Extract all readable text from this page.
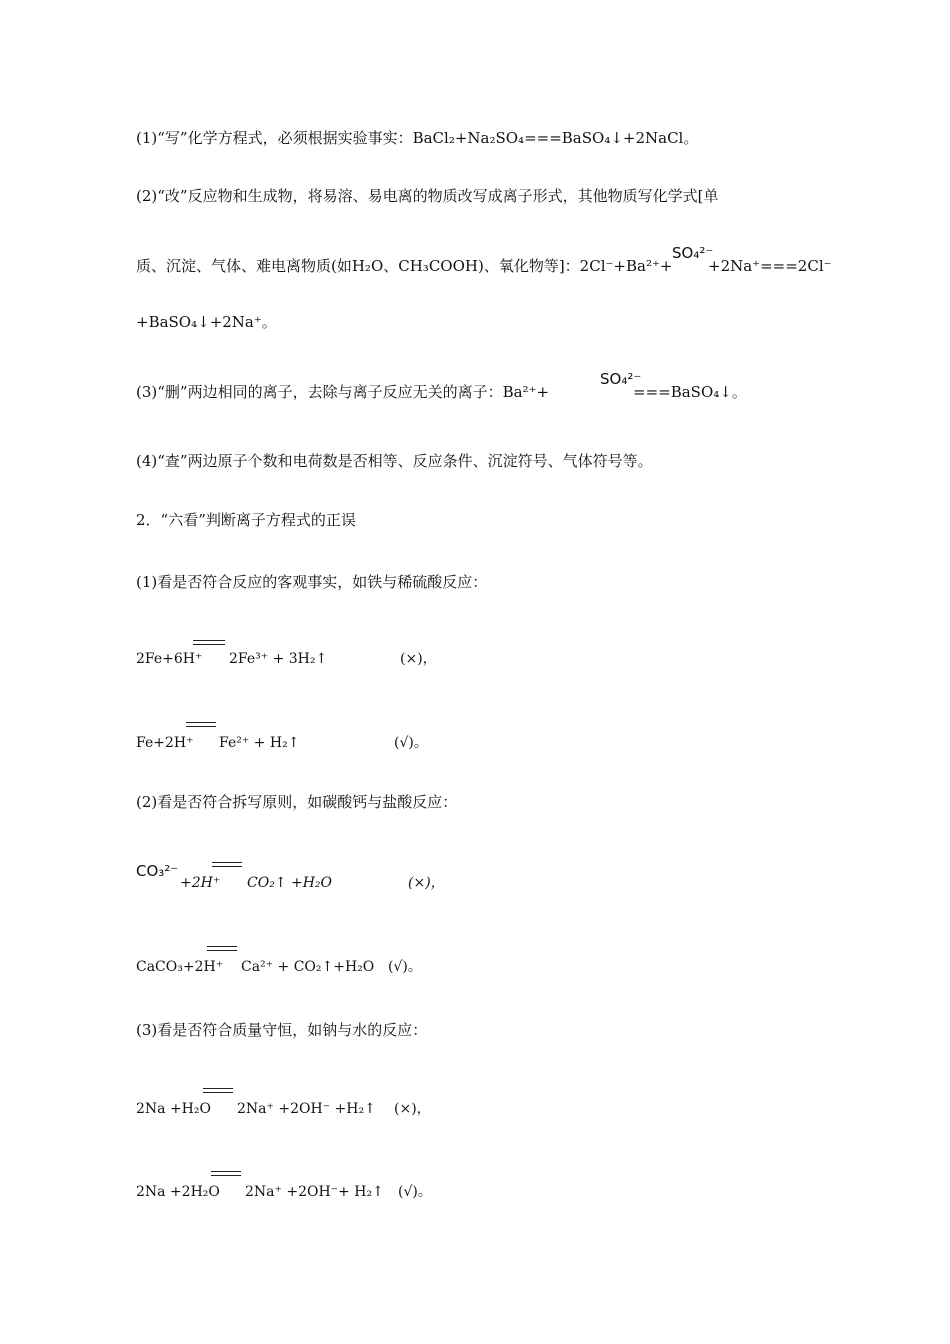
(1)“写”化学方程式，必须根据实验事实：BaCl₂+Na₂SO₄===BaSO₄↓+2NaCl。
(2)“改”反应物和生成物，将易溶、易电离的物质改写成离子形式，其他物质写化学式[单
质、沉淀、气体、难电离物质(如H₂O、CH₃COOH)、氧化物等]：2Cl⁻+Ba²⁺+
SO₄²⁻
+2Na⁺===2Cl⁻
+BaSO₄↓+2Na⁺。
(3)“删”两边相同的离子，去除与离子反应无关的离子：Ba²⁺+
SO₄²⁻
===BaSO₄↓。
(4)“查”两边原子个数和电荷数是否相等、反应条件、沉淀符号、气体符号等。
2．“六看”判断离子方程式的正误
(1)看是否符合反应的客观事实，如铁与稀硫酸反应：
2Fe+6H⁺ 2Fe³⁺ + 3H₂↑	(×)，
Fe+2H⁺ Fe²⁺ + H₂↑	(√)。
(2)看是否符合拆写原则，如碳酸钙与盐酸反应：
CO₃²⁻
+2H⁺ CO₂↑ +H₂O	(×)，
CaCO₃+2H⁺ Ca²⁺ + CO₂↑+H₂O (√)。
(3)看是否符合质量守恒，如钠与水的反应：
2Na +H₂O 2Na⁺ +2OH⁻ +H₂↑ (×)，
2Na +2H₂O 2Na⁺ +2OH⁻+ H₂↑ (√)。
